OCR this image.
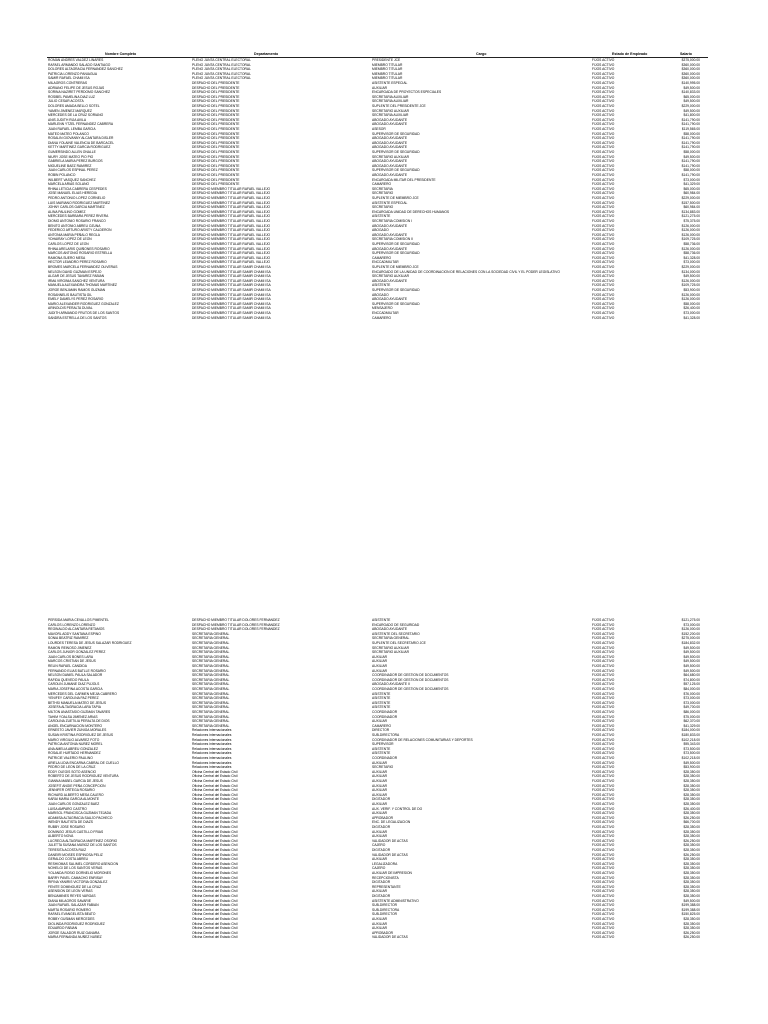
Nombre Completo	Departamento	Cargo	Estado de Empleado	Salario
ROMAN ANDRES VALDEZ LINARES	PLENO JUNTA CENTRAL ELECTORAL	PRESIDENTE JCE	FIJOS ACTIVO	$375,000.00
RAFAEL ARMANDO SALADO SANTIAGO	PLENO JUNTA CENTRAL ELECTORAL	MIEMBRO TITULAR	FIJOS ACTIVO	$360,000.00
DOLORES ALTAGRACIA FERNANDEZ SANCHEZ	PLENO JUNTA CENTRAL ELECTORAL	MIEMBRO TITULAR	FIJOS ACTIVO	$360,000.00
PATRICIA LORENZO PANIAGUA	PLENO JUNTA CENTRAL ELECTORAL	MIEMBRO TITULAR	FIJOS ACTIVO	$360,000.00
SAMIR RAFAEL CHAMI ISA	PLENO JUNTA CENTRAL ELECTORAL	MIEMBRO TITULAR	FIJOS ACTIVO	$360,000.00
MILAGROS CONTRERAS	DESPACHO DEL PRESIDENTE	ASISTENTE ESPECIAL	FIJOS ACTIVO	$140,995.00
ADRIANO FELIPE DE JESUS ROJAS	DESPACHO DEL PRESIDENTE	AUXILIAR	FIJOS ACTIVO	$49,500.00
SORINA NAZIRET PERDOMO SANCHEZ	DESPACHO DEL PRESIDENTE	ENCARGADA DE PROYECTOS ESPECIALES	FIJOS ACTIVO	$140,833.00
ROSIBEL PAMELINA DIAZ LUZ	DESPACHO DEL PRESIDENTE	SECRETARIA AUXILIAR	FIJOS ACTIVO	$65,000.00
JULIO CESAR ACOSTA	DESPACHO DEL PRESIDENTE	SECRETARIA AUXILIAR	FIJOS ACTIVO	$49,500.00
DOLORES AMADA BELLO SOTEL	DESPACHO DEL PRESIDENTE	SUPLENTE DEL PRESIDENTE JCE	FIJOS ACTIVO	$229,000.00
YAMEN JIMENEZ MARQUEZ	DESPACHO DEL PRESIDENTE	SECRETARIO AUXILIAR	FIJOS ACTIVO	$49,500.00
MERCEDES DE LA CRUZ SORIANO	DESPACHO DEL PRESIDENTE	SECRETARIA AUXILIAR	FIJOS ACTIVO	$41,800.00
ANIS JUDITH RIJA AVILA	DESPACHO DEL PRESIDENTE	ABOGADO AYUDANTE	FIJOS ACTIVO	$141,790.00
MARLENN YTZEL FERNANDEZ CABRERA	DESPACHO DEL PRESIDENTE	ABOGADO AYUDANTE	FIJOS ACTIVO	$141,790.00
JUAN RAFAEL LEMBA GARCIA	DESPACHO DEL PRESIDENTE	ASESOR	FIJOS ACTIVO	$119,565.00
MATEO MATEO POLANCO	DESPACHO DEL PRESIDENTE	SUPERVISOR DE SEGURIDAD	FIJOS ACTIVO	$58,000.00
ROSALIN GIOVANNY ALCANTARA DISLER	DESPACHO DEL PRESIDENTE	ABOGADO AYUDANTE	FIJOS ACTIVO	$141,790.00
DIANA YOLAINE VALENCIA DE BARCACEL	DESPACHO DEL PRESIDENTE	ABOGADO AYUDANTE	FIJOS ACTIVO	$141,790.00
KETTY MARTINEZ GARCIA RODRIGUEZ	DESPACHO DEL PRESIDENTE	ABOGADO AYUDANTE	FIJOS ACTIVO	$141,790.00
GUMERSINDO ALLEN ONALLE	DESPACHO DEL PRESIDENTE	SUPERVISOR DE SEGURIDAD	FIJOS ACTIVO	$58,000.00
NIURY JOSE MATEO PIO PIO	DESPACHO DEL PRESIDENTE	SECRETARIO AUXILIAR	FIJOS ACTIVO	$49,500.00
GABRIELA MARIA PEREZ BURGOS	DESPACHO DEL PRESIDENTE	ABOGADO AYUDANTE	FIJOS ACTIVO	$141,790.00
MIGUELINE BAEZ RAMIREZ	DESPACHO DEL PRESIDENTE	ABOGADO AYUDANTE	FIJOS ACTIVO	$141,790.00
JUAN CARLOS ESPINAL PEREZ	DESPACHO DEL PRESIDENTE	SUPERVISOR DE SEGURIDAD	FIJOS ACTIVO	$58,000.00
ROBIN POLANCO	DESPACHO DEL PRESIDENTE	ABOGADO AYUDANTE	FIJOS ACTIVO	$141,790.00
WILBERT VASQUEZ SANCHEZ	DESPACHO DEL PRESIDENTE	ENCARGADA MILITAR DEL PRESIDENTE	FIJOS ACTIVO	$73,000.00
MARCELA ARIAS SOLANO	DESPACHO DEL PRESIDENTE	CAMARERO	FIJOS ACTIVO	$41,329.00
RHINA LETICIA CABRERA CESPEDES	DESPACHO MIEMBRO TITULAR RAFAEL VALLEJO	SECRETARIA	FIJOS ACTIVO	$65,000.00
JOSE MANUEL ELIAS HEREDIA	DESPACHO MIEMBRO TITULAR RAFAEL VALLEJO	SECRETARIO	FIJOS ACTIVO	$60,984.00
PEDRO ANTONIO LOPEZ CORNELIO	DESPACHO MIEMBRO TITULAR RAFAEL VALLEJO	SUPLENTE DE MIEMBRO JCE	FIJOS ACTIVO	$229,000.00
LUIS MARIANO RODRIGUEZ MARTINEZ	DESPACHO MIEMBRO TITULAR RAFAEL VALLEJO	ASISTENTE ESPECIAL	FIJOS ACTIVO	$157,500.00
JOHNY CARLOS GARCIA MARTINEZ	DESPACHO MIEMBRO TITULAR RAFAEL VALLEJO	SECRETARIO	FIJOS ACTIVO	$60,984.00
ALINA PAULINO GOMEZ	DESPACHO MIEMBRO TITULAR RAFAEL VALLEJO	ENCARGADA UNIDAD DE DERECHOS HUMANOS	FIJOS ACTIVO	$134,883.00
MERCEDES BARBARA PEREZ RIVERA	DESPACHO MIEMBRO TITULAR RAFAEL VALLEJO	ASISTENTE	FIJOS ACTIVO	$121,275.00
DIOMO ANTONIO ROSARIO FRANCO	DESPACHO MIEMBRO TITULAR RAFAEL VALLEJO	SECRETARIA COMISION I	FIJOS ACTIVO	$75,375.00
BENITO ANTONIO ABREU OZUNA	DESPACHO MIEMBRO TITULAR RAFAEL VALLEJO	ABOGADO AYUDANTE	FIJOS ACTIVO	$126,000.00
FEDERICO ARTURO ARISTY CALDERON	DESPACHO MIEMBRO TITULAR RAFAEL VALLEJO	ABOGADO	FIJOS ACTIVO	$126,000.00
ANTONIA MARIA PEÑALO REGLA	DESPACHO MIEMBRO TITULAR RAFAEL VALLEJO	ABOGADO AYUDANTE	FIJOS ACTIVO	$126,000.00
YDHAIRAY LOPEZ DE LEON	DESPACHO MIEMBRO TITULAR RAFAEL VALLEJO	SECRETARIA COMISION II	FIJOS ACTIVO	$109,725.00
CARLOS LOPEZ DE LEON	DESPACHO MIEMBRO TITULAR RAFAEL VALLEJO	SUPERVISOR DE SEGURIDAD	FIJOS ACTIVO	$58,736.00
RHINA ARELARIS QUIÑONES ROSARIO	DESPACHO MIEMBRO TITULAR RAFAEL VALLEJO	ABOGADO AYUDANTE	FIJOS ACTIVO	$126,000.00
MARCOS ANTONIO ROSARIO ESTRELLA	DESPACHO MIEMBRO TITULAR RAFAEL VALLEJO	SUPERVISOR DE SEGURIDAD	FIJOS ACTIVO	$58,736.00
RAMONA SUERO MESA	DESPACHO MIEMBRO TITULAR RAFAEL VALLEJO	CAMARERO	FIJOS ACTIVO	$41,328.00
HECTOR LEANDRO PEREZ ROSARIO	DESPACHO MIEMBRO TITULAR RAFAEL VALLEJO	ENCCADMILITAR	FIJOS ACTIVO	$73,000.00
BROMES MARCELA FERNANDEZ OLIVERAS	DESPACHO MIEMBRO TITULAR SAMIR CHAMI ISA	SUPLENTE DE MIEMBRO JCE	FIJOS ACTIVO	$229,000.00
NELSON DAVID GUZMAN ESPEJO	DESPACHO MIEMBRO TITULAR SAMIR CHAMI ISA	ENCARGADO DE LA UNIDAD DE COORDINACION DE RELACIONES CON LA SOCIEDAD CIVIL Y EL PODER LEGISLATIVO	FIJOS ACTIVO	$134,000.00
ALGAR DE JESUS TAVAREZ FABIAN	DESPACHO MIEMBRO TITULAR SAMIR CHAMI ISA	SECRETARIO AUXILIAR	FIJOS ACTIVO	$49,500.00
IRMA VIRGINIA SANCHEZ VENTURA	DESPACHO MIEMBRO TITULAR SAMIR CHAMI ISA	ABOGADO AYUDANTE	FIJOS ACTIVO	$126,000.00
MANUELA ALEXANDRA THOMAS MARTINEZ	DESPACHO MIEMBRO TITULAR SAMIR CHAMI ISA	ASISTENTE	FIJOS ACTIVO	$109,725.00
JORGE BENJAMIN RAMOS GUZMAN	DESPACHO MIEMBRO TITULAR SAMIR CHAMI ISA	SUPERVISOR DE SEGURIDAD	FIJOS ACTIVO	$53,900.00
ROSANNELIS BAUTISTA GIL	DESPACHO MIEMBRO TITULAR SAMIR CHAMI ISA	ABOGADO	FIJOS ACTIVO	$126,000.00
EMELY DAMELYS PEREZ ROSARIO	DESPACHO MIEMBRO TITULAR SAMIR CHAMI ISA	ABOGADO AYUDANTE	FIJOS ACTIVO	$126,000.00
MARIO ALEXANDER RODRIGUEZ GONZALEZ	DESPACHO MIEMBRO TITULAR SAMIR CHAMI ISA	SUPERVISOR DE SEGURIDAD	FIJOS ACTIVO	$58,000.00
ARINOLDIS PERALTA DUVAL	DESPACHO MIEMBRO TITULAR SAMIR CHAMI ISA	MENSAJERO	FIJOS ACTIVO	$26,400.00
JUDITH ARMANDO FRUTOS DE LOS SANTOS	DESPACHO MIEMBRO TITULAR SAMIR CHAMI ISA	ENCCADMILITAR	FIJOS ACTIVO	$73,000.00
SANDRA ESTRELLA DE LOS SANTOS	DESPACHO MIEMBRO TITULAR SAMIR CHAMI ISA	CAMARERO	FIJOS ACTIVO	$41,328.00
PERSIDA MARIA CEVALLOS PIMENTEL	DESPACHO MIEMBRO TITULAR DOLORES FERNANDEZ	ASISTENTE	FIJOS ACTIVO	$121,275.00
CARLOS LORENZO LORENZO	DESPACHO MIEMBRO TITULAR DOLORES FERNANDEZ	ENCARGADO DE SEGURIDAD	FIJOS ACTIVO	$73,000.00
REGINALDO ALCANTARA RETAMOS	DESPACHO MIEMBRO TITULAR DOLORES FERNANDEZ	ABOGADO AYUDANTE	FIJOS ACTIVO	$126,000.00
MAVORL ADDY SANTANA ESPINO	SECRETARIA GENERAL	ASISTENTE DEL SECRETARIO	FIJOS ACTIVO	$152,200.00
SONIA BEATRIZ RAMIREZ	SECRETARIA GENERAL	SECRETARIA GENERAL	FIJOS ACTIVO	$275,000.00
LOURDES TERESA DE JESUS SALAZAR RODRIGUEZ	SECRETARIA GENERAL	SUPLENTE DEL SECRETARIO JCE	FIJOS ACTIVO	$184,832.00
RAMON REINOSO JIMENEZ	SECRETARIA GENERAL	SECRETARIO AUXILIAR	FIJOS ACTIVO	$49,500.00
CARLOS JUNIOR GONZALEZ PEREZ	SECRETARIA GENERAL	SECRETARIO AUXILIAR	FIJOS ACTIVO	$49,500.00
JUAN CARLOS BONES LARA	SECRETARIA GENERAL	AUXILIAR	FIJOS ACTIVO	$49,500.00
MARCOS CRISTIAN DE JESUS	SECRETARIA GENERAL	AUXILIAR	FIJOS ACTIVO	$49,500.00
RELIN RAFAEL CANDIDA	SECRETARIA GENERAL	AUXILIAR	FIJOS ACTIVO	$49,500.00
FERNANDO ELIAS BATLLE ROSARIO	SECRETARIA GENERAL	AUXILIAR	FIJOS ACTIVO	$49,500.00
NELSON DANIEL PAULA SALADOR	SECRETARIA GENERAL	COORDINADOR DE GESTION DE DOCUMENTOS	FIJOS ACTIVO	$64,680.00
RAFIDA QUEVEDO PAULA	SECRETARIA GENERAL	COORDINADOR DE GESTION DE DOCUMENTOS	FIJOS ACTIVO	$74,800.00
CAROLIN JUMANE DIAZ PUJOLS	SECRETARIA GENERAL	ABOGADO AYUDANTE II	FIJOS ACTIVO	$97,125.00
MARIA JOSEFINA ACOSTA GARCIA	SECRETARIA GENERAL	COORDINADOR DE GESTION DE DOCUMENTOS	FIJOS ACTIVO	$84,000.00
MERCEDES DEL CARMEN MEJIA CABRERO	SECRETARIA GENERAL	ASISTENTE	FIJOS ACTIVO	$76,000.00
YENIFEY CAROLINA PAZ PEREZ	SECRETARIA GENERAL	ASISTENTE	FIJOS ACTIVO	$73,000.00
BETHSI MANUELA MATEO DE JESUS	SECRETARIA GENERAL	ASISTENTE	FIJOS ACTIVO	$73,000.00
JOSEFA ALTAGRACIA LARA TAPIA	SECRETARIA GENERAL	ASISTENTE	FIJOS ACTIVO	$49,700.00
MILTON ANASTASIO GUZMAN TAVARES	SECRETARIA GENERAL	COORDINADOR	FIJOS ACTIVO	$86,000.00
TAHIM YOALSA JIMENEZ ARIAS	SECRETARIA GENERAL	COORDINADOR	FIJOS ACTIVO	$75,000.00
CAROLINA ZUETILIA PERALTA DE DIOS	SECRETARIA GENERAL	AUXILIAR	FIJOS ACTIVO	$62,370.00
ANGEL ENCARNACION MONTERO	SECRETARIA GENERAL	CAMARERO	FIJOS ACTIVO	$41,329.00
ERNESTO JAVIER ZUNIGA MORALES	Relaciones internacionales	DIRECTOR	FIJOS ACTIVO	$184,000.00
SUSAN KRISTINA RODRIGUEZ DE JESUS	Relaciones internacionales	SUB-DIRECTORA	FIJOS ACTIVO	$180,833.00
MARIO VIRGILIO ALVAREZ FOTO	Relaciones internacionales	COORDINADOR DE RELACIONES COMUNITARIAS Y DEPORTES	FIJOS ACTIVO	$102,218.00
PATRICIA ANTONIA NUÑEZ MOREL	Relaciones internacionales	SUPERVISOR	FIJOS ACTIVO	$95,343.00
ANA AMELIA ABREU GONZALEZ	Relaciones internacionales	ASISTENTE	FIJOS ACTIVO	$73,500.00
ROSALIE HURTADO HERNANDEZ	Relaciones internacionales	ASISTENTE	FIJOS ACTIVO	$73,500.00
PATRICIE VALERIO PAULINO	Relaciones internacionales	COORDINADOR	FIJOS ACTIVO	$102,218.00
ARIELA LIDIA ENCARNA CABRAL DE CUELLO	Relaciones internacionales	AUXILIAR	FIJOS ACTIVO	$49,500.00
PEDRO DE LEON DE LA CRUZ	Relaciones internacionales	SECRETARIO	FIJOS ACTIVO	$53,900.00
EDDY OLEGIS SOTO ASENCIO	Oficina Central del Estado Civil	AUXILIAR	FIJOS ACTIVO	$28,350.00
ROBERTO DE JESUS RODRIGUEZ VENTURA	Oficina Central del Estado Civil	AUXILIAR	FIJOS ACTIVO	$28,350.00
GIANNA MABEL GARCIA DE JESUS	Oficina Central del Estado Civil	AUXILIAR	FIJOS ACTIVO	$28,350.00
JOSEFIT ANGIE PEÑA CONCEPCION	Oficina Central del Estado Civil	AUXILIAR	FIJOS ACTIVO	$28,350.00
JENNIFER ORTEGA ROSARIO	Oficina Central del Estado Civil	AUXILIAR	FIJOS ACTIVO	$28,350.00
RICHARD ALBERTO MESA CALERO	Oficina Central del Estado Civil	AUXILIAR	FIJOS ACTIVO	$28,350.00
KARAI MARIA GARCIA ALMONTE	Oficina Central del Estado Civil	DIGITADOR	FIJOS ACTIVO	$28,350.00
JUAN CARLOS GONZALEZ BAEZ	Oficina Central del Estado Civil	AUXILIAR	FIJOS ACTIVO	$28,350.00
LUISA AMPARO CASTRO	Oficina Central del Estado Civil	AUX. VERIF. Y CONTROL DE DO	FIJOS ACTIVO	$26,400.00
MARISOL FRANCISCA GUZMAN TEJADA	Oficina Central del Estado Civil	AUXILIAR	FIJOS ACTIVO	$28,350.00
ADAMISA ALTAGRACIA SAUJO PACHECO	Oficina Central del Estado Civil	APROBADOR	FIJOS ACTIVO	$26,250.00
WENDY BAUTISTA DE DIAZS	Oficina Central del Estado Civil	ENC. DE LEGALIZACION	FIJOS ACTIVO	$66,700.00
RUBBY JOSE ROSARIO	Oficina Central del Estado Civil	DIGITADOR	FIJOS ACTIVO	$28,350.00
DOMINGO JESUS CASTILLO FRIAS	Oficina Central del Estado Civil	AUXILIAR	FIJOS ACTIVO	$28,350.00
ALBERTO NOVA	Oficina Central del Estado Civil	AUXILIAR	FIJOS ACTIVO	$28,350.00
LUCRECIA ALTAGRACIA MARTINEZ OSORIO	Oficina Central del Estado Civil	VALIDADOR DE ACTAS	FIJOS ACTIVO	$26,250.00
JULETTA SUSANA MUÑOZ DE LOS SANTOS	Oficina Central del Estado Civil	CAJERO	FIJOS ACTIVO	$28,350.00
TERESITA ACOSTA RUIZ	Oficina Central del Estado Civil	DIGITADOR	FIJOS ACTIVO	$28,350.00
DANEIRI MOISES ESPINOSA PELIZ	Oficina Central del Estado Civil	VALIDADOR DE ACTAS	FIJOS ACTIVO	$26,250.00
GERALDO COSTA ABREU	Oficina Central del Estado Civil	AUXILIAR	FIJOS ACTIVO	$28,350.00
RESHIOMAS SALIMEL CORDERO ASENCION	Oficina Central del Estado Civil	LEGALIZADORA	FIJOS ACTIVO	$28,350.00
NOHELGI DE LOS SANTOS VERAS	Oficina Central del Estado Civil	CAJERO	FIJOS ACTIVO	$28,350.00
YOLANDA ROSIO DORNELIO MORONES	Oficina Central del Estado Civil	AUXILIAR DE IMPRESION	FIJOS ACTIVO	$28,350.00
BARRY PAVEL CAMACHO ENRISAY	Oficina Central del Estado Civil	RECEPCIONISTA	FIJOS ACTIVO	$28,350.00
RIFINA YANIRIS VICTORIA GONZALEZ	Oficina Central del Estado Civil	DIGITADOR	FIJOS ACTIVO	$28,350.00
FENITE DOMINGUEZ DE LA CRUZ	Oficina Central del Estado Civil	REPRESENTANTE	FIJOS ACTIVO	$28,350.00
ASENSION DE LEON VERAS	Oficina Central del Estado Civil	AUXILIAR	FIJOS ACTIVO	$28,350.00
BENJAMINES REYES VARGAS	Oficina Central del Estado Civil	DIGITADOR	FIJOS ACTIVO	$28,350.00
DIANA MILAGROS SAVARIE	Oficina Central del Estado Civil	ASISTENTE ADMINISTRATIVO	FIJOS ACTIVO	$49,500.00
JUAN RAFAEL SALAZAR FABIAN	Oficina Central del Estado Civil	SUB-DIRECTOR	FIJOS ACTIVO	$199,388.00
MARTA ROSARIO ROMERO	Oficina Central del Estado Civil	SUB-DIRECTORA	FIJOS ACTIVO	$199,388.00
RAFAEL EVANGELISTA BEATO	Oficina Central del Estado Civil	SUB-DIRECTOR	FIJOS ACTIVO	$150,825.00
ROBBY GUSMAN MERCEDES	Oficina Central del Estado Civil	AUXILIAR	FIJOS ACTIVO	$28,350.00
DIOLINDA RODRIGUEZ RODRIGUEZ	Oficina Central del Estado Civil	AUXILIAR	FIJOS ACTIVO	$28,350.00
EDUARDO FABIAN	Oficina Central del Estado Civil	AUXILIAR	FIJOS ACTIVO	$28,350.00
JORGE SALADOR RUIZ GANARA	Oficina Central del Estado Civil	APROBADOR	FIJOS ACTIVO	$26,250.00
MARIA FERNANDA NUÑEZ NUÑEZ	Oficina Central del Estado Civil	VALIDADOR DE ACTAS	FIJOS ACTIVO	$26,250.00
